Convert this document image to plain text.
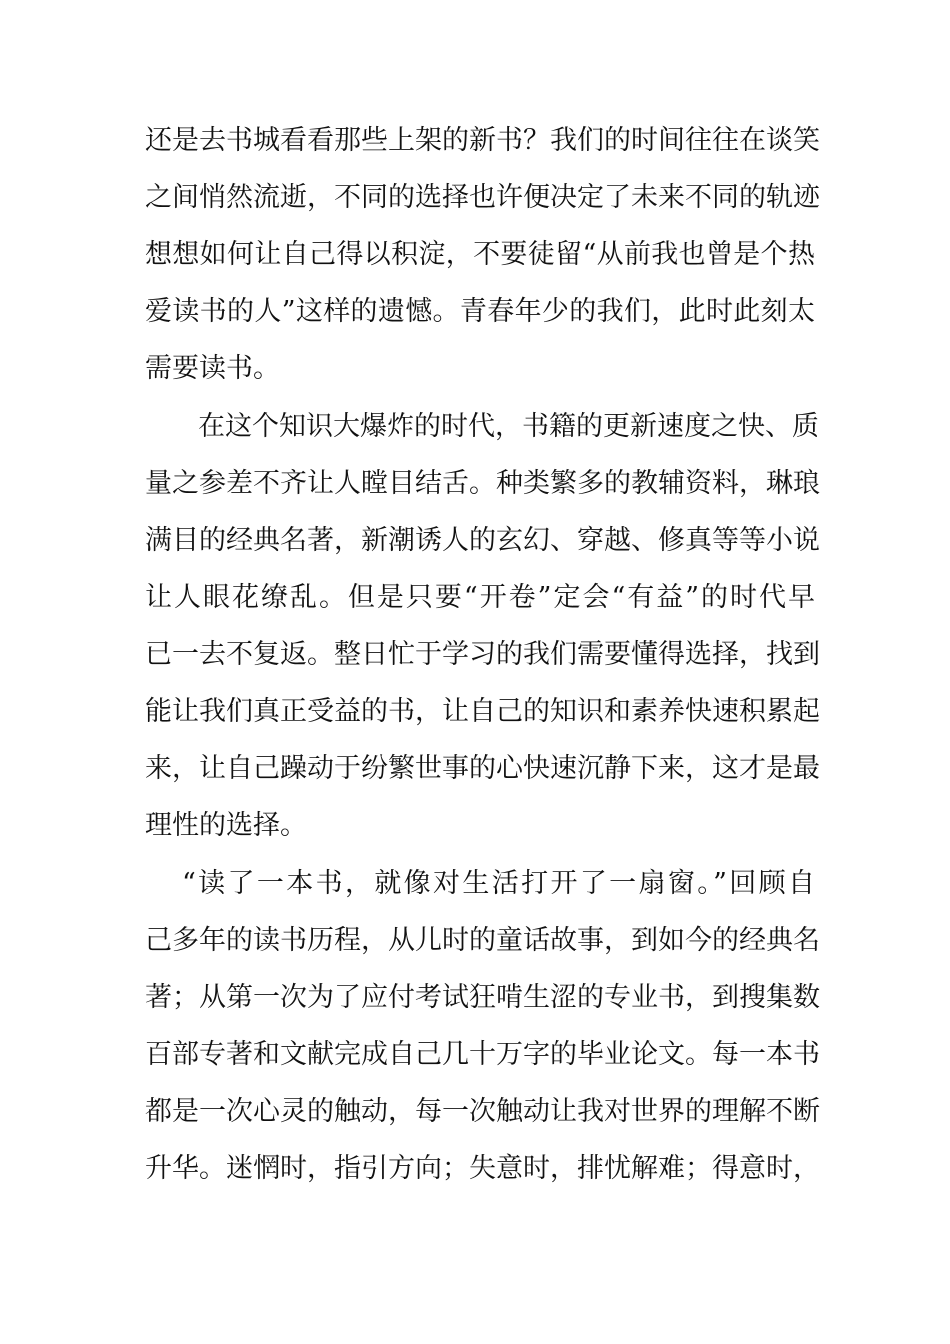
还是去书城看看那些上架的新书？我们的时间往往在谈笑
之间悄然流逝，不同的选择也许便决定了未来不同的轨迹
想想如何让自己得以积淀，不要徒留“从前我也曾是个热
爱读书的人”这样的遗憾。青春年少的我们，此时此刻太
需要读书。
在这个知识大爆炸的时代，书籍的更新速度之快、质
量之参差不齐让人瞠目结舌。种类繁多的教辅资料，琳琅
满目的经典名著，新潮诱人的玄幻、穿越、修真等等小说
让人眼花缭乱。但是只要“开卷”定会“有益”的时代早
已一去不复返。整日忙于学习的我们需要懂得选择，找到
能让我们真正受益的书，让自己的知识和素养快速积累起
来，让自己躁动于纷繁世事的心快速沉静下来，这才是最
理性的选择。
“读了一本书，就像对生活打开了一扇窗。”回顾自
己多年的读书历程，从儿时的童话故事，到如今的经典名
著；从第一次为了应付考试狂啃生涩的专业书，到搜集数
百部专著和文献完成自己几十万字的毕业论文。每一本书
都是一次心灵的触动，每一次触动让我对世界的理解不断
升华。迷惘时，指引方向；失意时，排忧解难；得意时，
